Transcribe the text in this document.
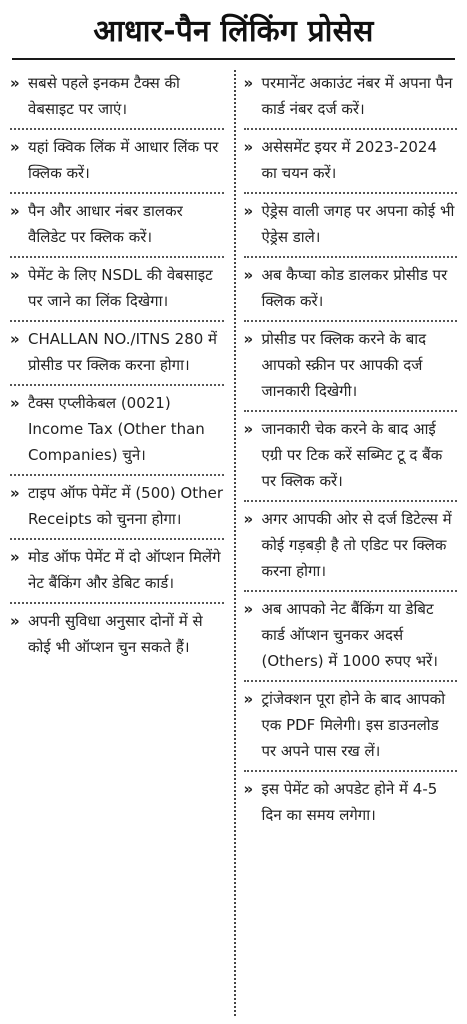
आधार-पैन लिंकिंग प्रोसेस
» सबसे पहले इनकम टैक्स की वेबसाइट पर जाएं।
» यहां क्विक लिंक में आधार लिंक पर क्लिक करें।
» पैन और आधार नंबर डालकर वैलिडेट पर क्लिक करें।
» पेमेंट के लिए NSDL की वेबसाइट पर जाने का लिंक दिखेगा।
» CHALLAN NO./ITNS 280 में प्रोसीड पर क्लिक करना होगा।
» टैक्स एप्लीकेबल (0021) Income Tax (Other than Companies) चुने।
» टाइप ऑफ पेमेंट में (500) Other Receipts को चुनना होगा।
» मोड ऑफ पेमेंट में दो ऑप्शन मिलेंगे नेट बैंकिंग और डेबिट कार्ड।
» अपनी सुविधा अनुसार दोनों में से कोई भी ऑप्शन चुन सकते हैं।
» परमानेंट अकाउंट नंबर में अपना पैन कार्ड नंबर दर्ज करें।
» असेसमेंट इयर में 2023-2024 का चयन करें।
» ऐड्रेस वाली जगह पर अपना कोई भी ऐड्रेस डाले।
» अब कैप्चा कोड डालकर प्रोसीड पर क्लिक करें।
» प्रोसीड पर क्लिक करने के बाद आपको स्क्रीन पर आपकी दर्ज जानकारी दिखेगी।
» जानकारी चेक करने के बाद आई एग्री पर टिक करें सब्मिट टू द बैंक पर क्लिक करें।
» अगर आपकी ओर से दर्ज डिटेल्स में कोई गड़बड़ी है तो एडिट पर क्लिक करना होगा।
» अब आपको नेट बैंकिंग या डेबिट कार्ड ऑप्शन चुनकर अदर्स (Others) में 1000 रुपए भरें।
» ट्रांजेक्शन पूरा होने के बाद आपको एक PDF मिलेगी। इस डाउनलोड पर अपने पास रख लें।
» इस पेमेंट को अपडेट होने में 4-5 दिन का समय लगेगा।
